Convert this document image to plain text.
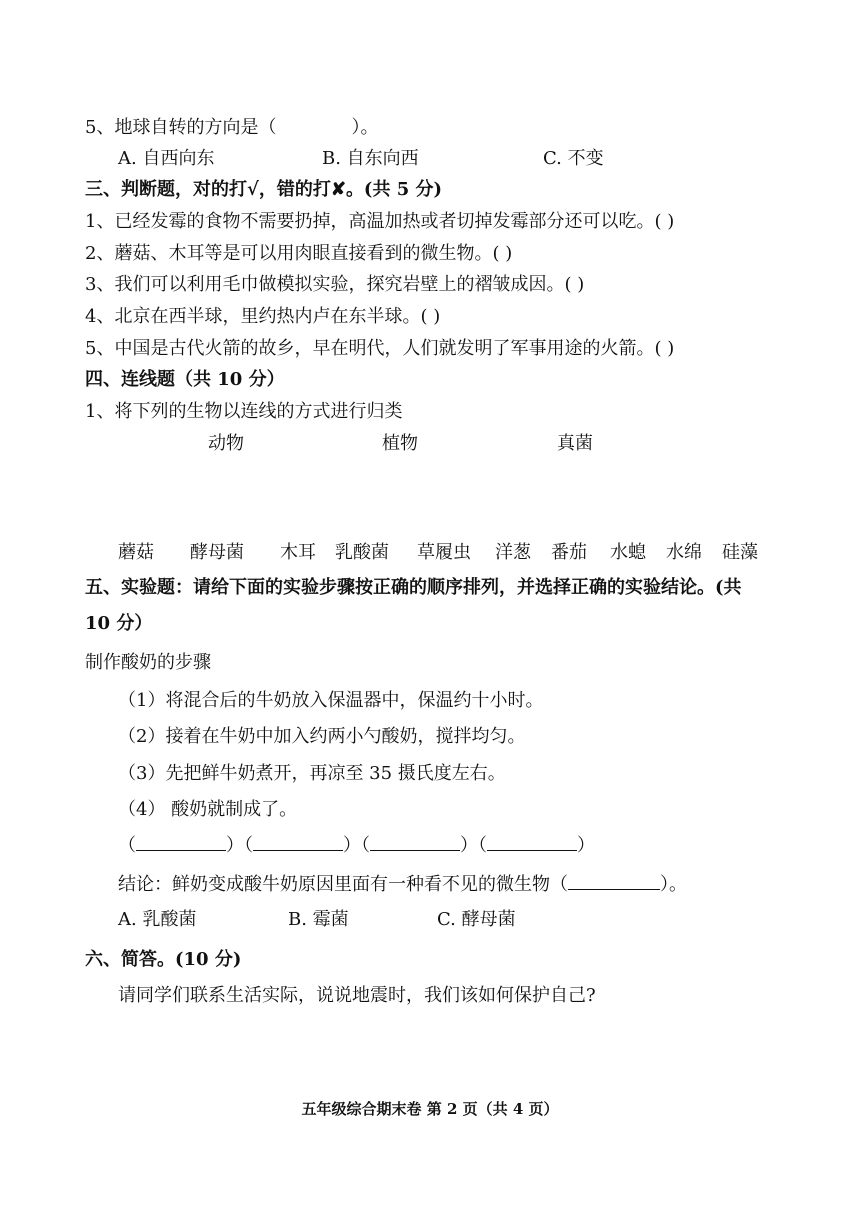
5、地球自转的方向是（	）。
A. 自西向东	B. 自东向西	C. 不变
三、判断题，对的打√，错的打✘。(共 5 分)
1、已经发霉的食物不需要扔掉，高温加热或者切掉发霉部分还可以吃。( )
2、蘑菇、木耳等是可以用肉眼直接看到的微生物。( )
3、我们可以利用毛巾做模拟实验，探究岩壁上的褶皱成因。( )
4、北京在西半球，里约热内卢在东半球。( )
5、中国是古代火箭的故乡，早在明代，人们就发明了军事用途的火箭。( )
四、连线题（共 10 分）
1、将下列的生物以连线的方式进行归类
动物	植物	真菌
蘑菇 酵母菌 木耳 乳酸菌 草履虫 洋葱 番茄 水螅 水绵 硅藻
五、实验题：请给下面的实验步骤按正确的顺序排列，并选择正确的实验结论。(共
10 分）
制作酸奶的步骤
（1）将混合后的牛奶放入保温器中，保温约十小时。
（2）接着在牛奶中加入约两小勺酸奶，搅拌均匀。
（3）先把鲜牛奶煮开，再凉至 35 摄氏度左右。
（4） 酸奶就制成了。
（	）（	）（	）（	）
结论：鲜奶变成酸牛奶原因里面有一种看不见的微生物（	）。
A. 乳酸菌	B. 霉菌	C. 酵母菌
六、简答。(10 分)
请同学们联系生活实际，说说地震时，我们该如何保护自己?
五年级综合期末卷 第 2 页（共 4 页）
